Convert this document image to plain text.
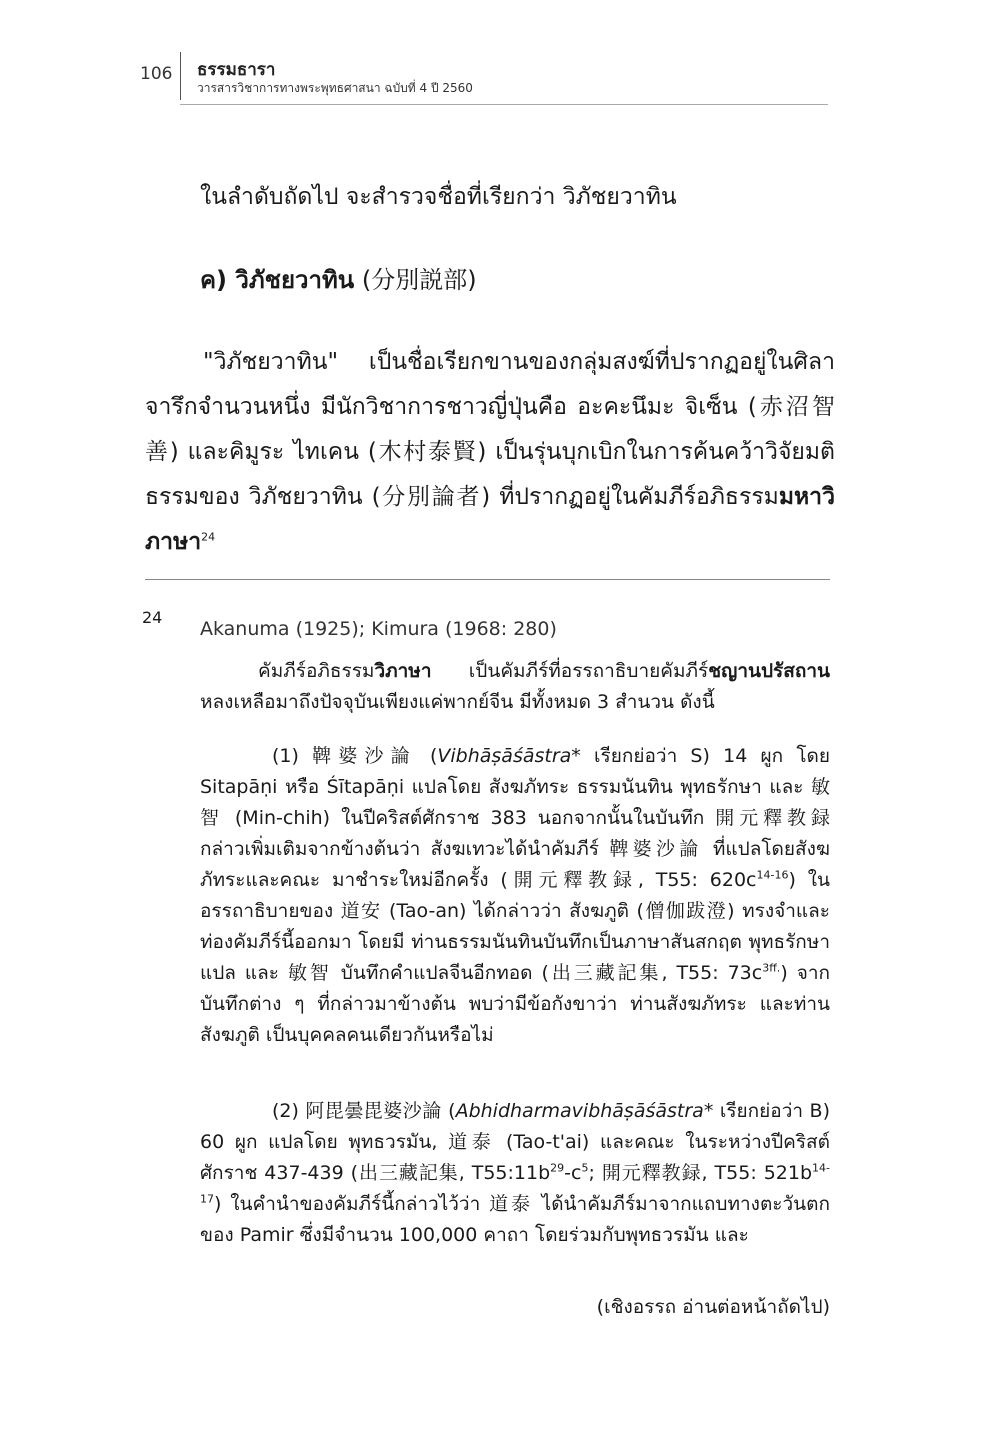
106 ธรรมธารา
วารสารวิชาการทางพระพุทธศาสนา ฉบับที่ 4 ปี 2560
ในลำดับถัดไป จะสำรวจชื่อที่เรียกว่า วิภัชยวาทิน
ค) วิภัชยวาทิน (分別説部)
"วิภัชยวาทิน" เป็นชื่อเรียกขานของกลุ่มสงฆ์ที่ปรากฏอยู่ในศิลาจารึกจำนวนหนึ่ง มีนักวิชาการชาวญี่ปุ่นคือ อะคะนึมะ จิเซ็น (赤沼智善) และคิมูระ ไทเคน (木村泰賢) เป็นรุ่นบุกเบิกในการค้นคว้าวิจัยมติธรรมของ วิภัชยวาทิน (分別論者) ที่ปรากฏอยู่ในคัมภีร์อภิธรรมมหาวิภาษา$^{24}$
24
Akanuma (1925); Kimura (1968: 280)
คัมภีร์อภิธรรมวิภาษา เป็นคัมภีร์ที่อรรถาธิบายคัมภีร์ชญานปรัสถาน หลงเหลือมาถึงปัจจุบันเพียงแค่พากย์จีน มีทั้งหมด 3 สำนวน ดังนี้
(1) 鞞婆沙論 (Vibhāṣāśāstra* เรียกย่อว่า S) 14 ผูก โดย Sitapāṇi หรือ Śītapāṇi แปลโดย สังฆภัทระ ธรรมนันทิน พุทธรักษา และ 敏智 (Min-chih) ในปีคริสต์ศักราช 383 นอกจากนั้นในบันทึก 開元釋教録 กล่าวเพิ่มเติมจากข้างต้นว่า สังฆเทวะได้นำคัมภีร์ 鞞婆沙論 ที่แปลโดยสังฆภัทระและคณะ มาชำระใหม่อีกครั้ง (開元釋教録, T55: $620c^{14-16}$) ในอรรถาธิบายของ 道安 (Tao-an) ได้กล่าวว่า สังฆภูติ (僧伽跋澄) ทรงจำและท่องคัมภีร์นี้ออกมา โดยมี ท่านธรรมนันทินบันทึกเป็นภาษาสันสกฤต พุทธรักษาแปล และ 敏智 บันทึกคำแปลจีนอีกทอด (出三藏記集, T55: $73c^{3ff.}$) จากบันทึกต่าง ๆ ที่กล่าวมาข้างต้น พบว่ามีข้อกังขาว่า ท่านสังฆภัทระ และท่านสังฆภูติ เป็นบุคคลคนเดียวกันหรือไม่
(2) 阿毘曇毘婆沙論 (Abhidharmavibhāṣāśāstra* เรียกย่อว่า B) 60 ผูก แปลโดย พุทธวรมัน, 道泰 (Tao-t'ai) และคณะ ในระหว่างปีคริสต์ศักราช 437-439 (出三藏記集, $T55:11b^{29}-c^5$; 開元釋教録, T55: $521b^{14-17}$) ในคำนำของคัมภีร์นี้กล่าวไว้ว่า 道泰 ได้นำคัมภีร์มาจากแถบทางตะวันตกของ Pamir ซึ่งมีจำนวน 100,000 คาถา โดยร่วมกับพุทธวรมัน และ
(เชิงอรรถ อ่านต่อหน้าถัดไป)
